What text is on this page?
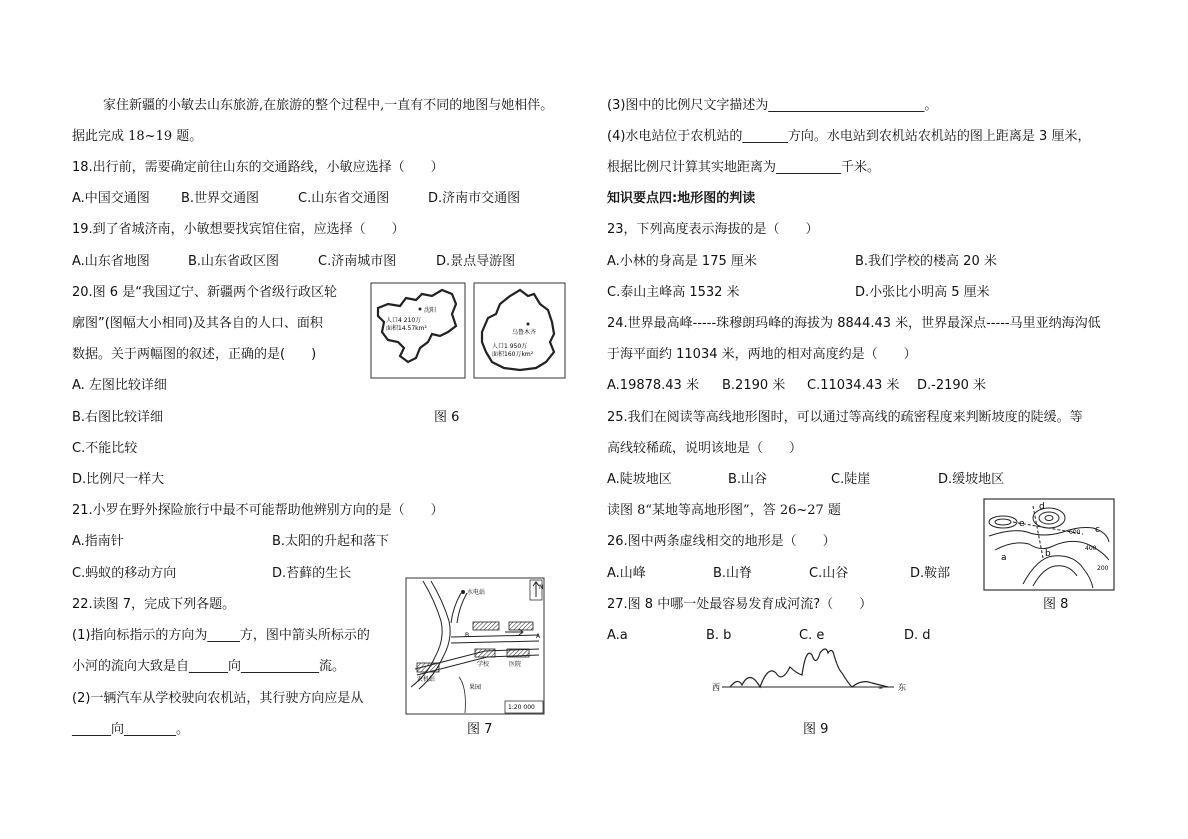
家住新疆的小敏去山东旅游,在旅游的整个过程中,一直有不同的地图与她相伴。
据此完成 18~19 题。
18.出行前，需要确定前往山东的交通路线，小敏应选择（　　）
A.中国交通图 B.世界交通图	C.山东省交通图	D.济南市交通图
19.到了省城济南，小敏想要找宾馆住宿，应选择（　　）
A.山东省地图	B.山东省政区图	C.济南城市图	D.景点导游图
20.图 6 是“我国辽宁、新疆两个省级行政区轮
廓图”(图幅大小相同)及其各自的人口、面积
数据。关于两幅图的叙述，正确的是(　　)
A. 左图比较详细
B.右图比较详细
C.不能比较
D.比例尺一样大
沈阳
人口4 210万
面积14.57km²
乌鲁木齐
人口1 950万
面积160万km²
图 6
21.小罗在野外探险旅行中最不可能帮助他辨别方向的是（　　）
A.指南针	B.太阳的升起和落下
C.蚂蚁的移动方向	D.苔藓的生长
22.读图 7，完成下列各题。
(1)指向标指示的方向为_____方，图中箭头所标示的
小河的流向大致是自______向____________流。
(2)一辆汽车从学校驶向农机站，其行驶方向应是从
______向________。
N
水电站
B	A
学校	医院
农机站
果园
1:20 000
图 7
(3)图中的比例尺文字描述为________________________。
(4)水电站位于农机站的_______方向。水电站到农机站农机站的图上距离是 3 厘米，
根据比例尺计算其实地距离为__________千米。
知识要点四:地形图的判读
23，下列高度表示海拔的是（　　）
A.小林的身高是 175 厘米	B.我们学校的楼高 20 米
C.泰山主峰高 1532 米	D.小张比小明高 5 厘米
24.世界最高峰-----珠穆朗玛峰的海拔为 8844.43 米，世界最深点-----马里亚纳海沟低
于海平面约 11034 米，两地的相对高度约是（　　）
A.19878.43 米 B.2190 米 C.11034.43 米 D.-2190 米
25.我们在阅读等高线地形图时，可以通过等高线的疏密程度来判断坡度的陡缓。等
高线较稀疏，说明该地是（　　）
A.陡坡地区	B.山谷	C.陡崖	D.缓坡地区
读图 8“某地等高地形图”，答 26~27 题
26.图中两条虚线相交的地形是（　　）
A.山峰	B.山脊	C.山谷	D.鞍部
27.图 8 中哪一处最容易发育成河流?（　　）
A.a	B. b	C. e	D. d
d
e
b
a
c
600
400
200
图 8
西	东
≈
图 9
